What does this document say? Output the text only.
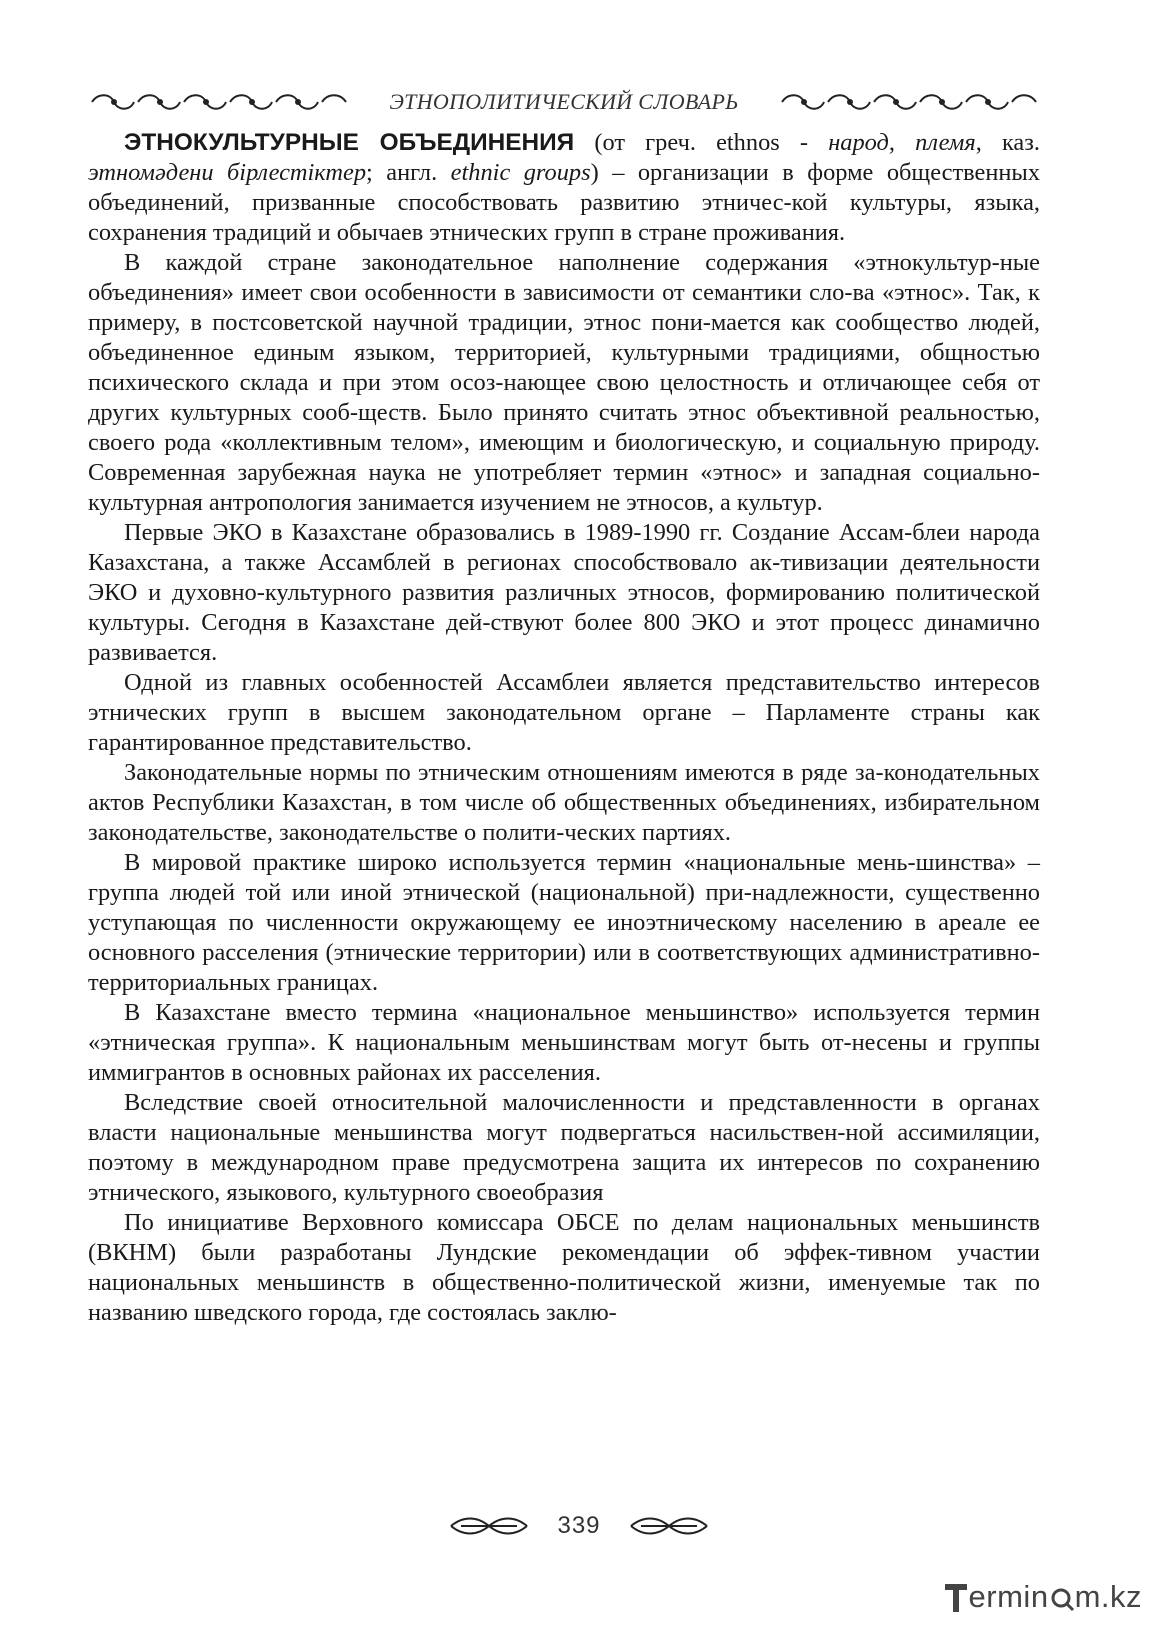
ЭТНОПОЛИТИЧЕСКИЙ СЛОВАРЬ

ЭТНОКУЛЬТУРНЫЕ ОБЪЕДИНЕНИЯ (от греч. ethnos - народ, племя, каз. этномәдени бірлестіктер; англ. ethnic groups) – организации в форме общественных объединений, призванные способствовать развитию этничес-кой культуры, языка, сохранения традиций и обычаев этнических групп в стране проживания.

В каждой стране законодательное наполнение содержания «этнокультур-ные объединения» имеет свои особенности в зависимости от семантики сло-ва «этнос». Так, к примеру, в постсоветской научной традиции, этнос пони-мается как сообщество людей, объединенное единым языком, территорией, культурными традициями, общностью психического склада и при этом осоз-нающее свою целостность и отличающее себя от других культурных сооб-ществ. Было принято считать этнос объективной реальностью, своего рода «коллективным телом», имеющим и биологическую, и социальную природу. Современная зарубежная наука не употребляет термин «этнос» и западная социально-культурная антропология занимается изучением не этносов, а культур.

Первые ЭКО в Казахстане образовались в 1989-1990 гг. Создание Ассам-блеи народа Казахстана, а также Ассамблей в регионах способствовало ак-тивизации деятельности ЭКО и духовно-культурного развития различных этносов, формированию политической культуры. Сегодня в Казахстане дей-ствуют более 800 ЭКО и этот процесс динамично развивается.

Одной из главных особенностей Ассамблеи является представительство интересов этнических групп в высшем законодательном органе – Парламенте страны как гарантированное представительство.

Законодательные нормы по этническим отношениям имеются в ряде за-конодательных актов Республики Казахстан, в том числе об общественных объединениях, избирательном законодательстве, законодательстве о полити-ческих партиях.

В мировой практике широко используется термин «национальные мень-шинства» – группа людей той или иной этнической (национальной) при-надлежности, существенно уступающая по численности окружающему ее иноэтническому населению в ареале ее основного расселения (этнические территории) или в соответствующих административно-территориальных границах.

В Казахстане вместо термина «национальное меньшинство» используется термин «этническая группа». К национальным меньшинствам могут быть от-несены и группы иммигрантов в основных районах их расселения.

Вследствие своей относительной малочисленности и представленности в органах власти национальные меньшинства могут подвергаться насильствен-ной ассимиляции, поэтому в международном праве предусмотрена защита их интересов по сохранению этнического, языкового, культурного своеобразия

По инициативе Верховного комиссара ОБСЕ по делам национальных меньшинств (ВКНМ) были разработаны Лундские рекомендации об эффек-тивном участии национальных меньшинств в общественно-политической жизни, именуемые так по названию шведского города, где состоялась заклю-

339
ermin m.kz
